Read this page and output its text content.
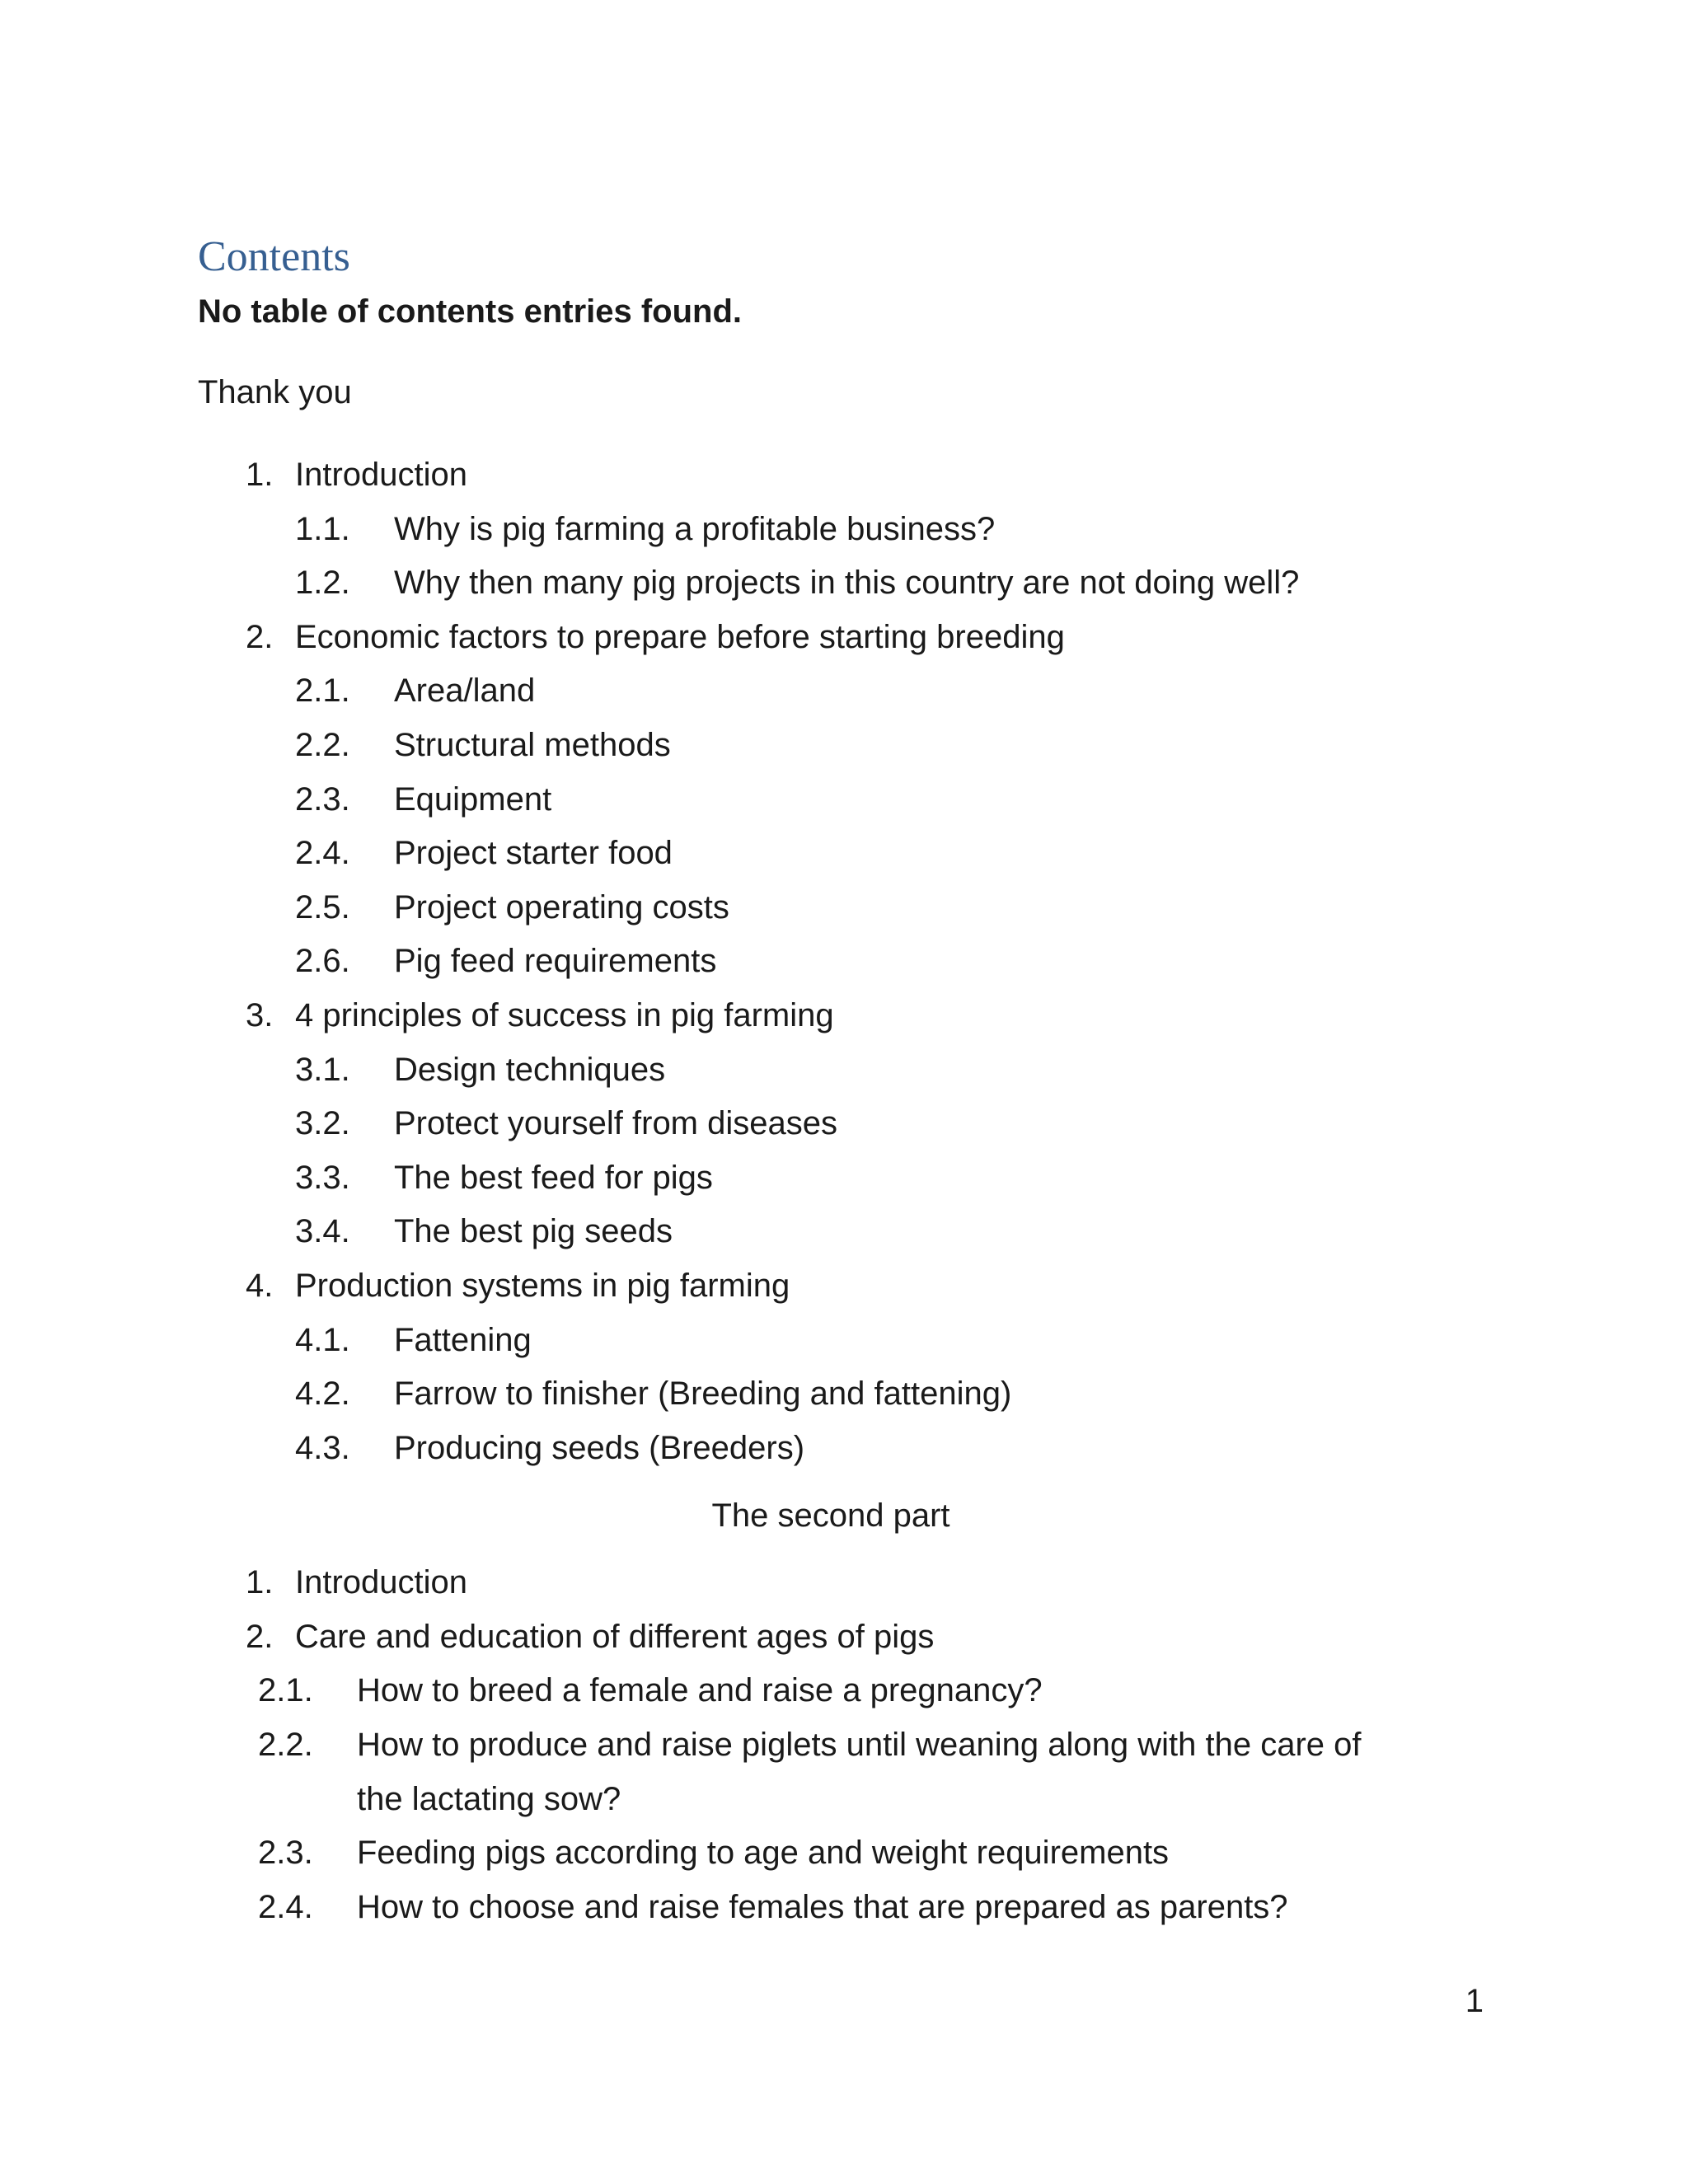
Contents
No table of contents entries found.
Thank you
1. Introduction
1.1. Why is pig farming a profitable business?
1.2. Why then many pig projects in this country are not doing well?
2. Economic factors to prepare before starting breeding
2.1. Area/land
2.2. Structural methods
2.3. Equipment
2.4. Project starter food
2.5. Project operating costs
2.6. Pig feed requirements
3. 4 principles of success in pig farming
3.1. Design techniques
3.2. Protect yourself from diseases
3.3. The best feed for pigs
3.4. The best pig seeds
4. Production systems in pig farming
4.1. Fattening
4.2. Farrow to finisher (Breeding and fattening)
4.3. Producing seeds (Breeders)
The second part
1. Introduction
2. Care and education of different ages of pigs
2.1. How to breed a female and raise a pregnancy?
2.2. How to produce and raise piglets until weaning along with the care of
the lactating sow?
2.3. Feeding pigs according to age and weight requirements
2.4. How to choose and raise females that are prepared as parents?
1
